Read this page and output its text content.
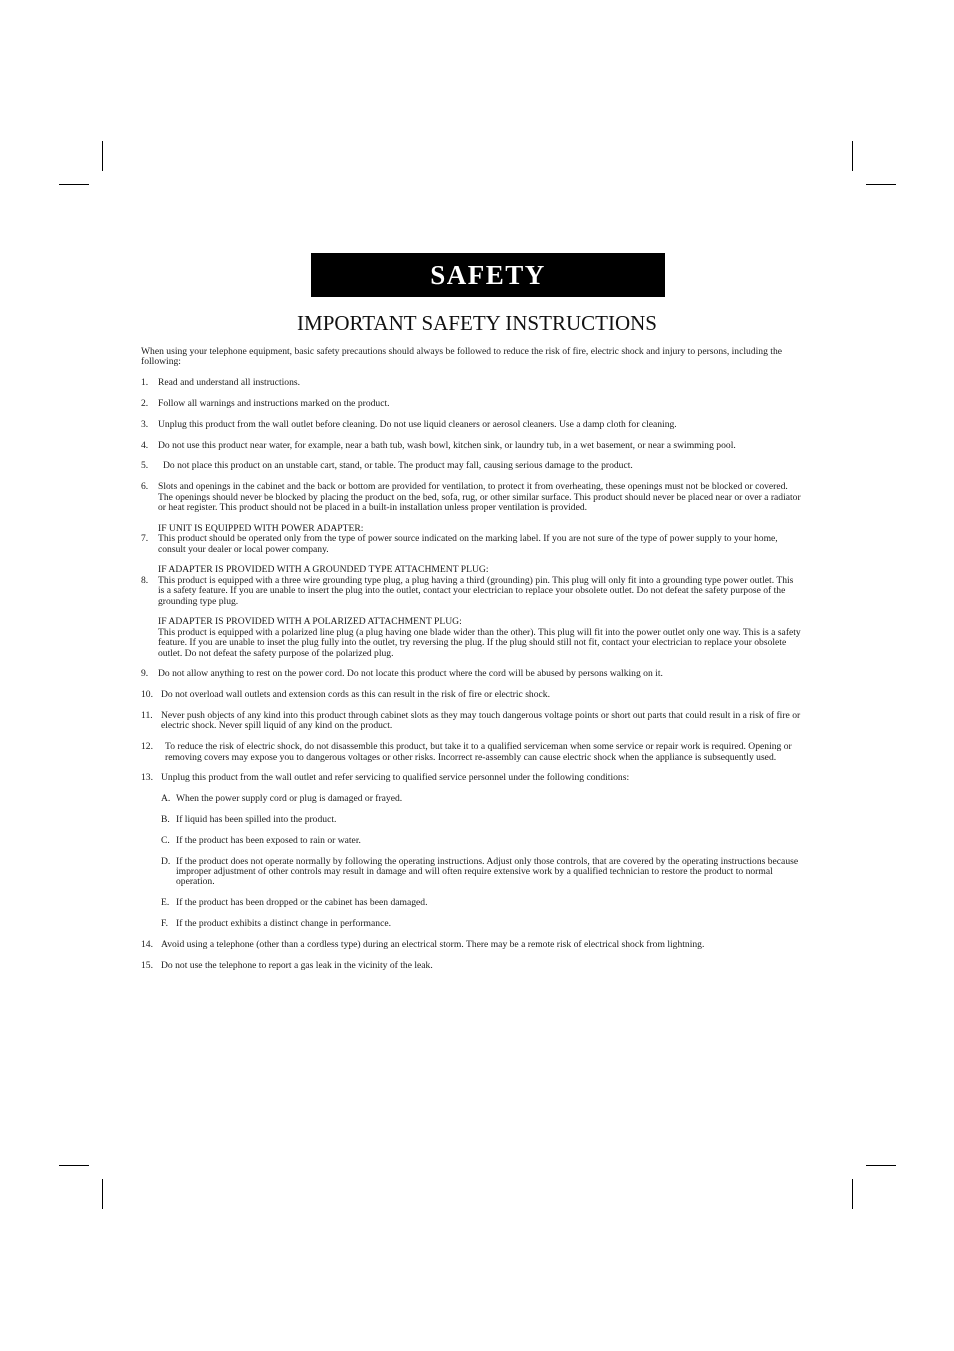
SAFETY
IMPORTANT SAFETY INSTRUCTIONS

When using your telephone equipment, basic safety precautions should always be followed to reduce the risk of fire, electric shock and injury to persons, including the following:

1.	Read and understand all instructions.
2.	Follow all warnings and instructions marked on the product.
3.	Unplug this product from the wall outlet before cleaning. Do not use liquid cleaners or aerosol cleaners. Use a damp cloth for cleaning.
4.	Do not use this product near water, for example, near a bath tub, wash bowl, kitchen sink, or laundry tub, in a wet basement, or near a swimming pool.
5.	Do not place this product on an unstable cart, stand, or table. The product may fall, causing serious damage to the product.
6.	Slots and openings in the cabinet and the back or bottom are provided for ventilation, to protect it from overheating, these openings must not be blocked or covered. The openings should never be blocked by placing the product on the bed, sofa, rug, or other similar surface. This product should never be placed near or over a radiator or heat register. This product should not be placed in a built-in installation unless proper ventilation is provided.
7.
IF UNIT IS EQUIPPED WITH POWER ADAPTER:
This product should be operated only from the type of power source indicated on the marking label. If you are not sure of the type of power supply to your home, consult your dealer or local power company.
8.

IF ADAPTER IS PROVIDED WITH A GROUNDED TYPE ATTACHMENT PLUG:
This product is equipped with a three wire grounding type plug, a plug having a third (grounding) pin. This plug will only fit into a grounding type power outlet. This is a safety feature. If you are unable to insert the plug into the outlet, contact your electrician to replace your obsolete outlet. Do not defeat the safety purpose of the grounding type plug.

IF ADAPTER IS PROVIDED WITH A POLARIZED ATTACHMENT PLUG:
This product is equipped with a polarized line plug (a plug having one blade wider than the other). This plug will fit into the power outlet only one way. This is a safety feature. If you are unable to inset the plug fully into the outlet, try reversing the plug. If the plug should still not fit, contact your electrician to replace your obsolete outlet. Do not defeat the safety purpose of the polarized plug.

9.	Do not allow anything to rest on the power cord. Do not locate this product where the cord will be abused by persons walking on it.
10. Do not overload wall outlets and extension cords as this can result in the risk of fire or electric shock.
11. Never push objects of any kind into this product through cabinet slots as they may touch dangerous voltage points or short out parts that could result in a risk of fire or electric shock. Never spill liquid of any kind on the product.
12.	To reduce the risk of electric shock, do not disassemble this product, but take it to a qualified serviceman when some service or repair work is required. Opening or removing covers may expose you to dangerous voltages or other risks. Incorrect re-assembly can cause electric shock when the appliance is subsequently used.
13. Unplug this product from the wall outlet and refer servicing to qualified service personnel under the following conditions:
A. When the power supply cord or plug is damaged or frayed.
B. If liquid has been spilled into the product.
C. If the product has been exposed to rain or water.
D. If the product does not operate normally by following the operating instructions. Adjust only those controls, that are covered by the operating instructions because improper adjustment of other controls may result in damage and will often require extensive work by a qualified technician to restore the product to normal operation.
E. If the product has been dropped or the cabinet has been damaged.
F. If the product exhibits a distinct change in performance.
14. Avoid using a telephone (other than a cordless type) during an electrical storm. There may be a remote risk of electrical shock from lightning.
15. Do not use the telephone to report a gas leak in the vicinity of the leak.
